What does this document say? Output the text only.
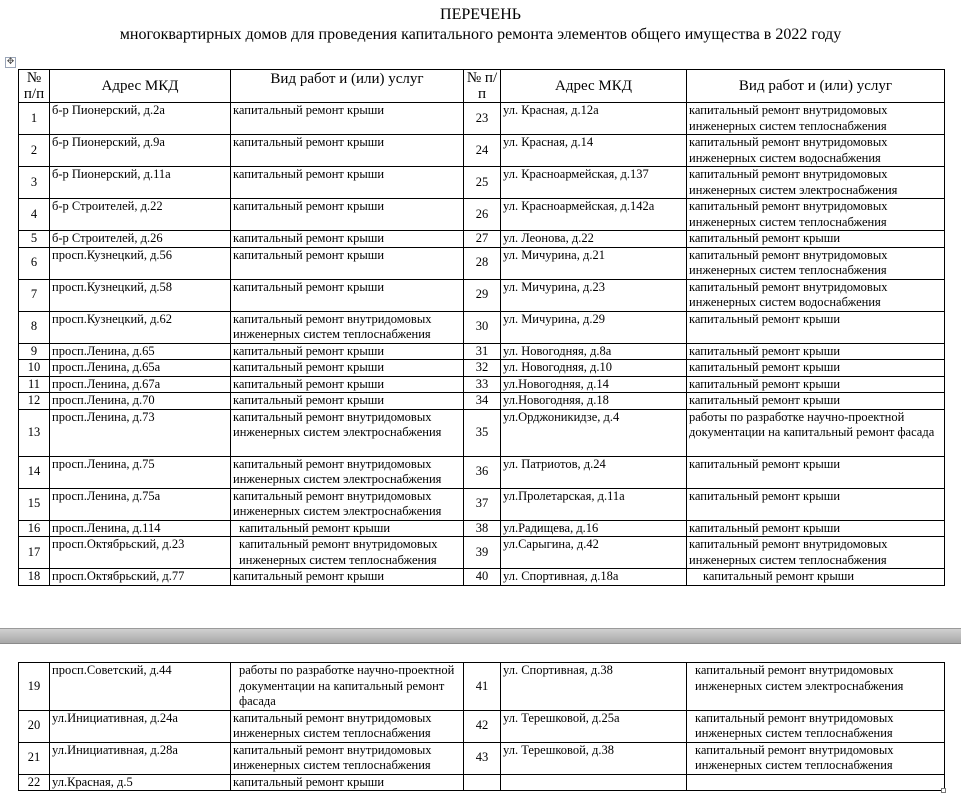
ПЕРЕЧЕНЬ
многоквартирных домов для проведения капитального ремонта элементов общего имущества в 2022 году
✥
№ п/п	Адрес МКД	Вид работ и (или) услуг	№ п/п	Адрес МКД	Вид работ и (или) услуг
1	б-р Пионерский, д.2а	капитальный ремонт крыши	23	ул. Красная, д.12а	капитальный ремонт внутридомовых инженерных систем теплоснабжения
2	б-р Пионерский, д.9а	капитальный ремонт крыши	24	ул. Красная, д.14	капитальный ремонт внутридомовых инженерных систем водоснабжения
3	б-р Пионерский, д.11а	капитальный ремонт крыши	25	ул. Красноармейская, д.137	капитальный ремонт внутридомовых инженерных систем электроснабжения
4	б-р Строителей, д.22	капитальный ремонт крыши	26	ул. Красноармейская, д.142а	капитальный ремонт внутридомовых инженерных систем теплоснабжения
5	б-р Строителей, д.26	капитальный ремонт крыши	27	ул. Леонова, д.22	капитальный ремонт крыши
6	просп.Кузнецкий, д.56	капитальный ремонт крыши	28	ул. Мичурина, д.21	капитальный ремонт внутридомовых инженерных систем теплоснабжения
7	просп.Кузнецкий, д.58	капитальный ремонт крыши	29	ул. Мичурина, д.23	капитальный ремонт внутридомовых инженерных систем водоснабжения
8	просп.Кузнецкий, д.62	капитальный ремонт внутридомовых инженерных систем теплоснабжения	30	ул. Мичурина, д.29	капитальный ремонт крыши
9	просп.Ленина, д.65	капитальный ремонт крыши	31	ул. Новогодняя, д.8а	капитальный ремонт крыши
10	просп.Ленина, д.65а	капитальный ремонт крыши	32	ул. Новогодняя, д.10	капитальный ремонт крыши
11	просп.Ленина, д.67а	капитальный ремонт крыши	33	ул.Новогодняя, д.14	капитальный ремонт крыши
12	просп.Ленина, д.70	капитальный ремонт крыши	34	ул.Новогодняя, д.18	капитальный ремонт крыши
13	просп.Ленина, д.73	капитальный ремонт внутридомовых инженерных систем электроснабжения	35	ул.Орджоникидзе, д.4	работы по разработке научно-проектной документации на капитальный ремонт фасада
14	просп.Ленина, д.75	капитальный ремонт внутридомовых инженерных систем электроснабжения	36	ул. Патриотов, д.24	капитальный ремонт крыши
15	просп.Ленина, д.75а	капитальный ремонт внутридомовых инженерных систем электроснабжения	37	ул.Пролетарская, д.11а	капитальный ремонт крыши
16	просп.Ленина, д.114	капитальный ремонт крыши	38	ул.Радищева, д.16	капитальный ремонт крыши
17	просп.Октябрьский, д.23	капитальный ремонт внутридомовых инженерных систем теплоснабжения	39	ул.Сарыгина, д.42	капитальный ремонт внутридомовых инженерных систем теплоснабжения
18	просп.Октябрьский, д.77	капитальный ремонт крыши	40	ул. Спортивная, д.18а	капитальный ремонт крыши
19	просп.Советский, д.44	работы по разработке научно-проектной документации на капитальный ремонт фасада	41	ул. Спортивная, д.38	капитальный ремонт внутридомовых инженерных систем электроснабжения
20	ул.Инициативная, д.24а	капитальный ремонт внутридомовых инженерных систем теплоснабжения	42	ул. Терешковой, д.25а	капитальный ремонт внутридомовых инженерных систем теплоснабжения
21	ул.Инициативная, д.28а	капитальный ремонт внутридомовых инженерных систем теплоснабжения	43	ул. Терешковой, д.38	капитальный ремонт внутридомовых инженерных систем теплоснабжения
22	ул.Красная, д.5	капитальный ремонт крыши			
